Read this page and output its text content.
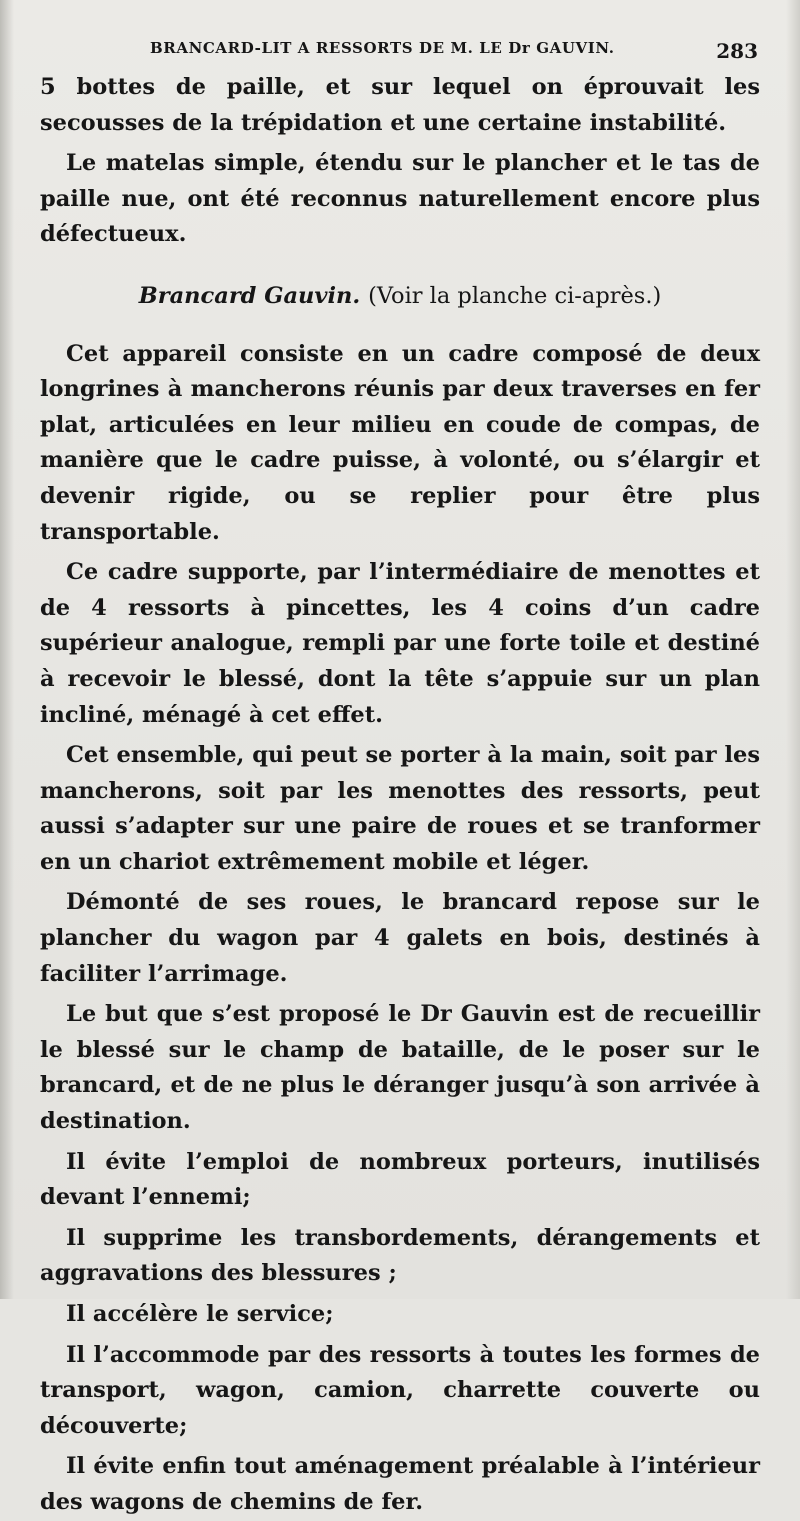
BRANCARD-LIT A RESSORTS DE M. LE Dr GAUVIN.	283

5 bottes de paille, et sur lequel on éprouvait les secousses de la trépidation et une certaine instabilité.

Le matelas simple, étendu sur le plancher et le tas de paille nue, ont été reconnus naturellement encore plus défectueux.

Brancard Gauvin. (Voir la planche ci-après.)

Cet appareil consiste en un cadre composé de deux longrines à mancherons réunis par deux traverses en fer plat, articulées en leur milieu en coude de compas, de manière que le cadre puisse, à volonté, ou s’élargir et devenir rigide, ou se replier pour être plus transportable.

Ce cadre supporte, par l’intermédiaire de menottes et de 4 ressorts à pincettes, les 4 coins d’un cadre supérieur analogue, rempli par une forte toile et destiné à recevoir le blessé, dont la tête s’appuie sur un plan incliné, ménagé à cet effet.

Cet ensemble, qui peut se porter à la main, soit par les mancherons, soit par les menottes des ressorts, peut aussi s’adapter sur une paire de roues et se tranformer en un chariot extrêmement mobile et léger.

Démonté de ses roues, le brancard repose sur le plancher du wagon par 4 galets en bois, destinés à faciliter l’arrimage.

Le but que s’est proposé le Dr Gauvin est de recueillir le blessé sur le champ de bataille, de le poser sur le brancard, et de ne plus le déranger jusqu’à son arrivée à destination.

Il évite l’emploi de nombreux porteurs, inutilisés devant l’ennemi;

Il supprime les transbordements, dérangements et aggravations des blessures ;

Il accélère le service;

Il l’accommode par des ressorts à toutes les formes de transport, wagon, camion, charrette couverte ou découverte;

Il évite enfin tout aménagement préalable à l’intérieur des wagons de chemins de fer.
